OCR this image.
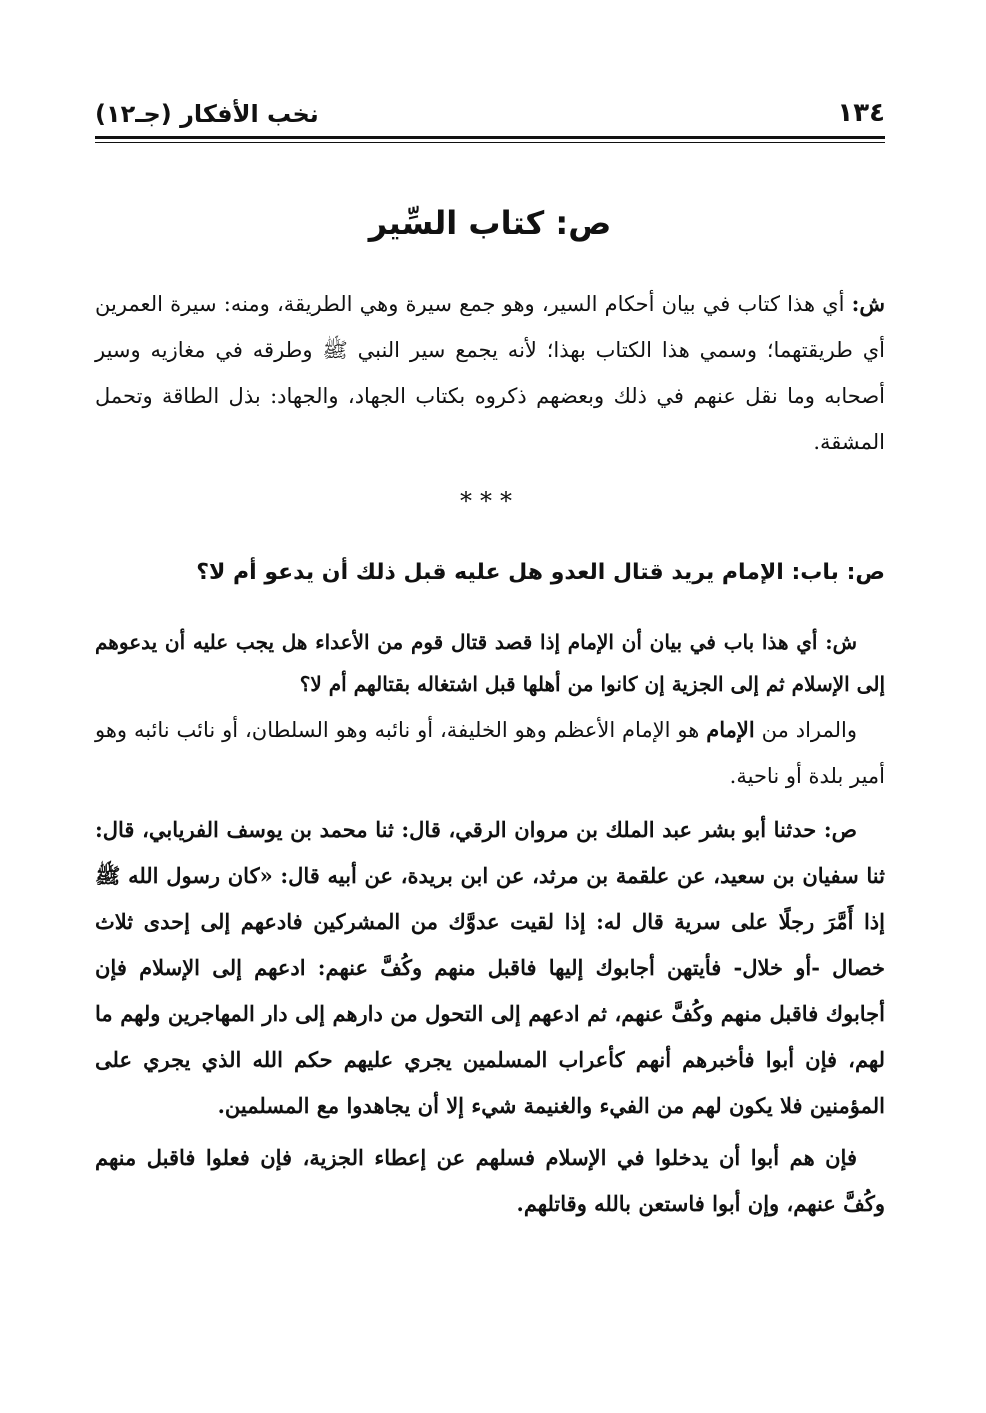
١٣٤
نخب الأفكار (جـ١٢)
ص: كتاب السِّير

ش: أي هذا كتاب في بيان أحكام السير، وهو جمع سيرة وهي الطريقة، ومنه: سيرة العمرين أي طريقتهما؛ وسمي هذا الكتاب بهذا؛ لأنه يجمع سير النبي ﷺ وطرقه في مغازيه وسير أصحابه وما نقل عنهم في ذلك وبعضهم ذكروه بكتاب الجهاد، والجهاد: بذل الطاقة وتحمل المشقة.

***
ص: باب: الإمام يريد قتال العدو هل عليه قبل ذلك أن يدعو أم لا؟

ش: أي هذا باب في بيان أن الإمام إذا قصد قتال قوم من الأعداء هل يجب عليه أن يدعوهم إلى الإسلام ثم إلى الجزية إن كانوا من أهلها قبل اشتغاله بقتالهم أم لا؟

والمراد من الإمام هو الإمام الأعظم وهو الخليفة، أو نائبه وهو السلطان، أو نائب نائبه وهو أمير بلدة أو ناحية.

ص: حدثنا أبو بشر عبد الملك بن مروان الرقي، قال: ثنا محمد بن يوسف الفريابي، قال: ثنا سفيان بن سعيد، عن علقمة بن مرثد، عن ابن بريدة، عن أبيه قال: «كان رسول الله ﷺ إذا أَمَّرَ رجلًا على سرية قال له: إذا لقيت عدوَّك من المشركين فادعهم إلى إحدى ثلاث خصال -أو خلال- فأيتهن أجابوك إليها فاقبل منهم وكُفَّ عنهم: ادعهم إلى الإسلام فإن أجابوك فاقبل منهم وكُفَّ عنهم، ثم ادعهم إلى التحول من دارهم إلى دار المهاجرين ولهم ما لهم، فإن أبوا فأخبرهم أنهم كأعراب المسلمين يجري عليهم حكم الله الذي يجري على المؤمنين فلا يكون لهم من الفيء والغنيمة شيء إلا أن يجاهدوا مع المسلمين.

فإن هم أبوا أن يدخلوا في الإسلام فسلهم عن إعطاء الجزية، فإن فعلوا فاقبل منهم وكُفَّ عنهم، وإن أبوا فاستعن بالله وقاتلهم.
